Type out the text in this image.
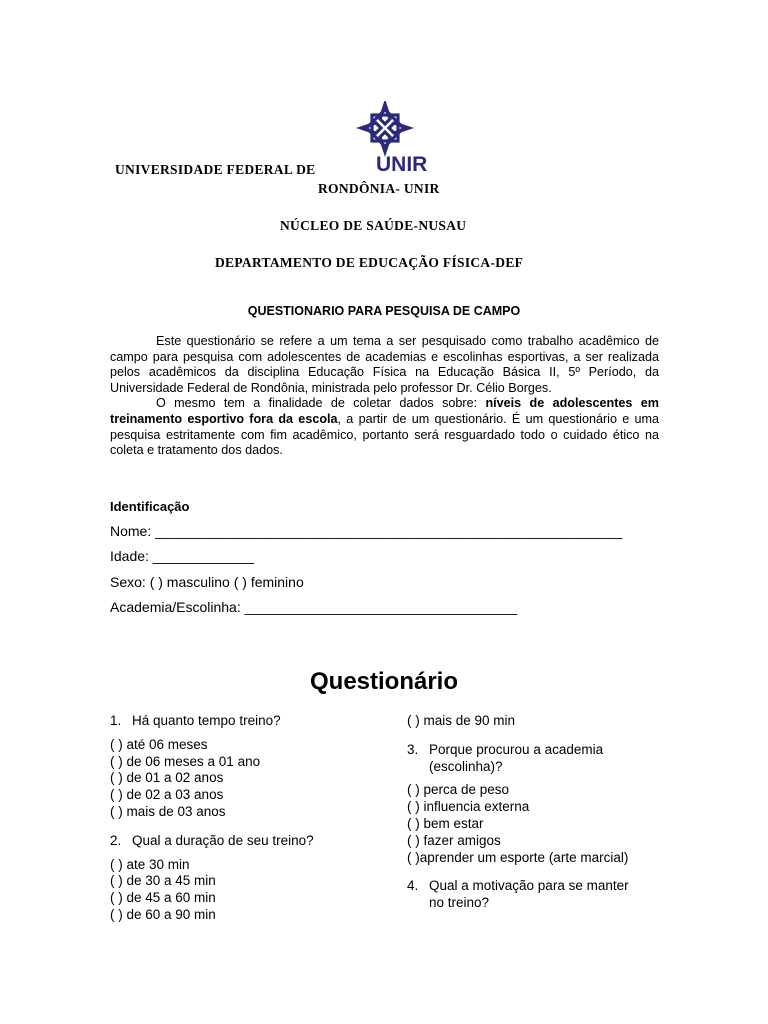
UNIR
UNIVERSIDADE FEDERAL DE
RONDÔNIA- UNIR
NÚCLEO DE SAÚDE-NUSAU
DEPARTAMENTO DE EDUCAÇÃO FÍSICA-DEF
QUESTIONARIO PARA PESQUISA DE CAMPO

Este questionário se refere a um tema a ser pesquisado como trabalho acadêmico de campo para pesquisa com adolescentes de academias e escolinhas esportivas, a ser realizada pelos acadêmicos da disciplina Educação Física na Educação Básica II, 5º Período, da Universidade Federal de Rondônia, ministrada pelo professor Dr. Célio Borges.

O mesmo tem a finalidade de coletar dados sobre: níveis de adolescentes em treinamento esportivo fora da escola, a partir de um questionário. É um questionário e uma pesquisa estritamente com fim acadêmico, portanto será resguardado todo o cuidado ético na coleta e tratamento dos dados.

Identificação
Nome: ____________________________________________________________
Idade: _____________
Sexo: ( ) masculino ( ) feminino
Academia/Escolinha: ___________________________________
Questionário
1. Há quanto tempo treino?
( ) até 06 meses
( ) de 06 meses a 01 ano
( ) de 01 a 02 anos
( ) de 02 a 03 anos
( ) mais de 03 anos
2. Qual a duração de seu treino?
( ) ate 30 min
( ) de 30 a 45 min
( ) de 45 a 60 min
( ) de 60 a 90 min
( ) mais de 90 min
3. Porque procurou a academia (escolinha)?
( ) perca de peso
( ) influencia externa
( ) bem estar
( ) fazer amigos
( )aprender um esporte (arte marcial)
4. Qual a motivação para se manter no treino?
